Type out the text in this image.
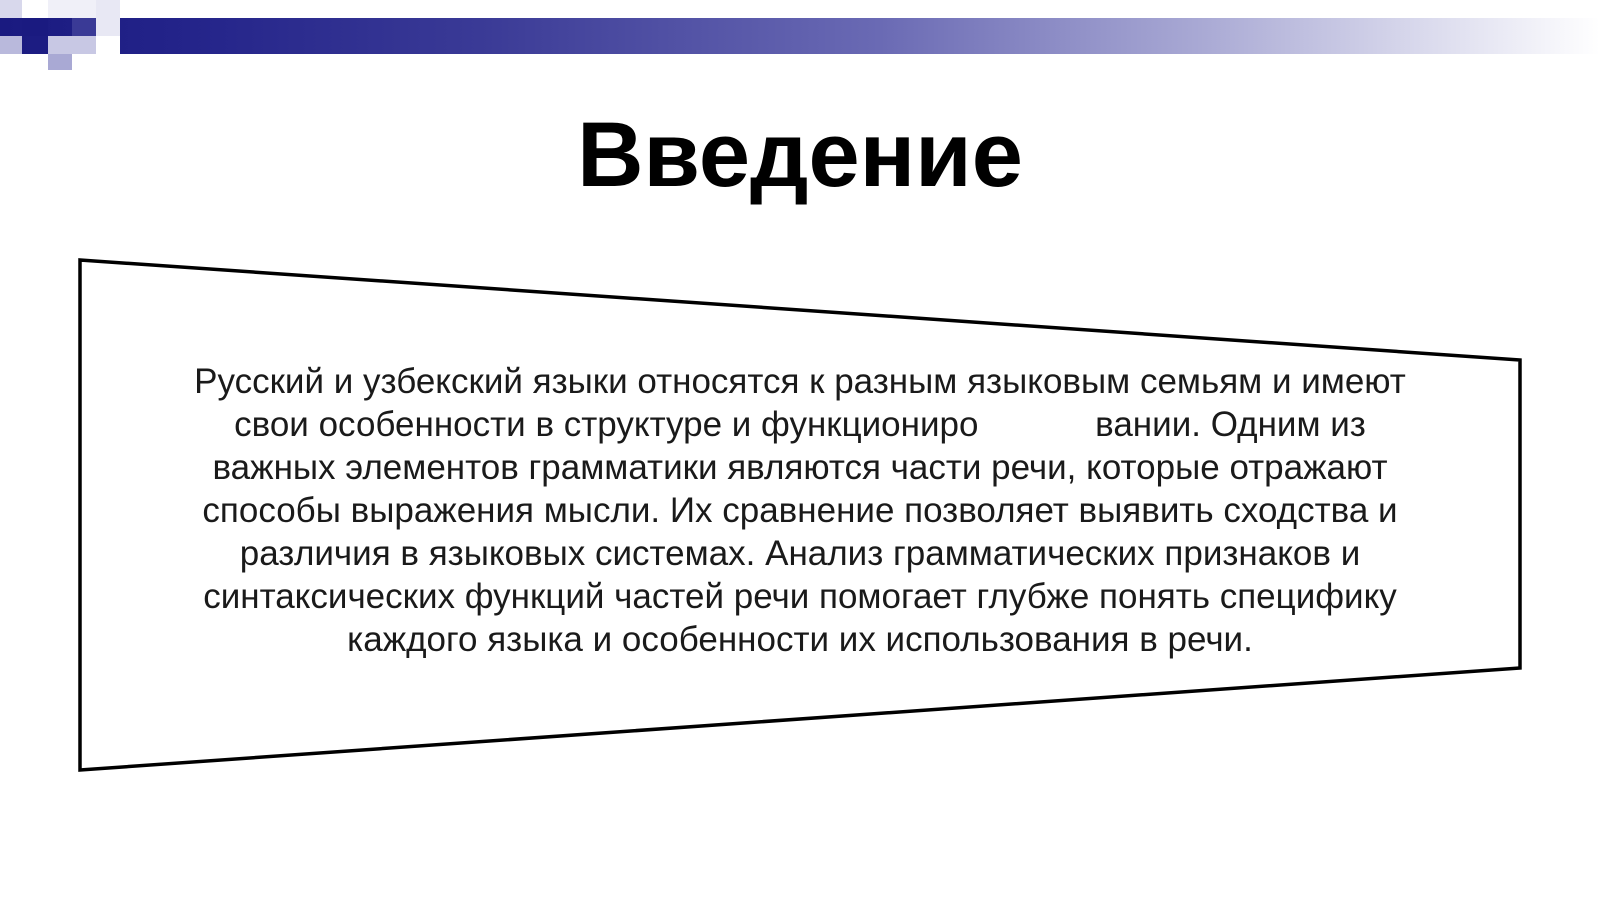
Введение

Русский и узбекский языки относятся к разным языковым семьям и имеют
свои особенности в структуре и функциониро            вании. Одним из
важных элементов грамматики являются части речи, которые отражают
способы выражения мысли. Их сравнение позволяет выявить сходства и
различия в языковых системах. Анализ грамматических признаков и
синтаксических функций частей речи помогает глубже понять специфику
каждого языка и особенности их использования в речи.
